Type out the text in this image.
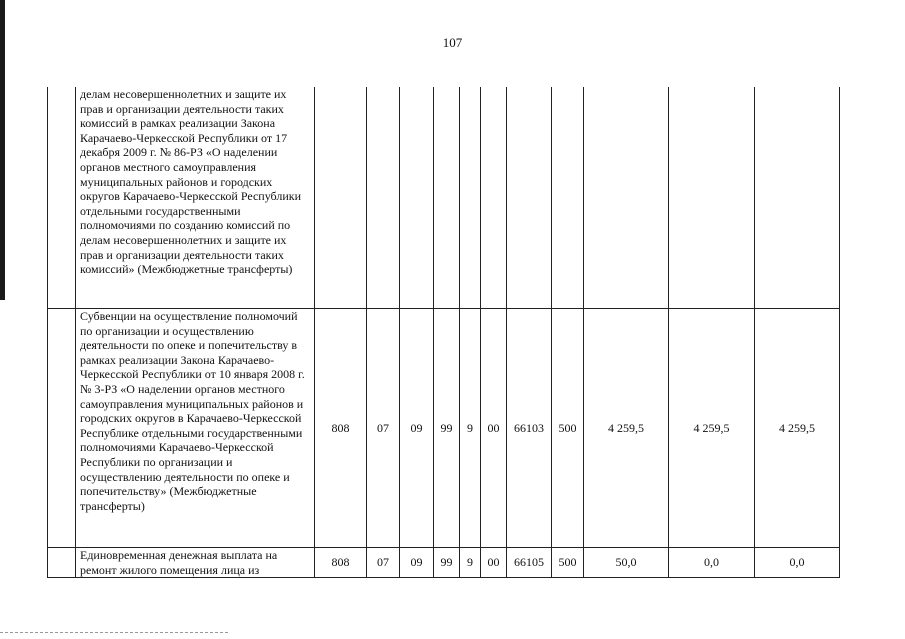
107
	делам несовершеннолетних и защите их прав и организации деятельности таких комиссий в рамках реализации Закона Карачаево-Черкесской Республики от 17 декабря 2009 г. № 86-РЗ «О наделении органов местного самоуправления муниципальных районов и городских округов Карачаево-Черкесской Республики отдельными государственными полномочиями по созданию комиссий по делам несовершеннолетних и защите их прав и организации деятельности таких комиссий» (Межбюджетные трансферты)											
	Субвенции на осуществление полномочий по организации и осуществлению деятельности по опеке и попечительству в рамках реализации Закона Карачаево-Черкесской Республики от 10 января 2008 г. № 3-РЗ «О наделении органов местного самоуправления муниципальных районов и городских округов в Карачаево-Черкесской Республике отдельными государственными полномочиями Карачаево-Черкесской Республики по организации и осуществлению деятельности по опеке и попечительству» (Межбюджетные трансферты)	808	07	09	99	9	00	66103	500	4 259,5	4 259,5	4 259,5
	Единовременная денежная выплата на ремонт жилого помещения лица из	808	07	09	99	9	00	66105	500	50,0	0,0	0,0
